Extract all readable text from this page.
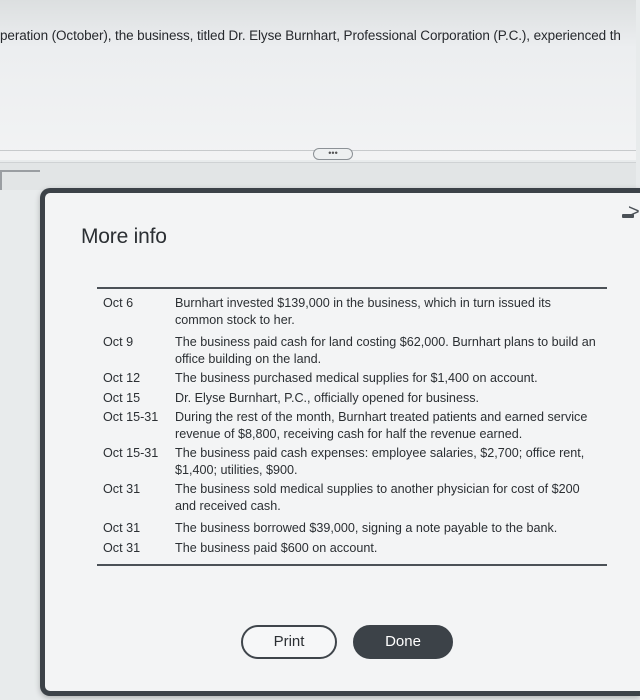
peration (October), the business, titled Dr. Elyse Burnhart, Professional Corporation (P.C.), experienced th
•••
More info
>
Oct 6	Burnhart invested $139,000 in the business, which in turn issued its common stock to her.
Oct 9	The business paid cash for land costing $62,000. Burnhart plans to build an office building on the land.
Oct 12	The business purchased medical supplies for $1,400 on account.
Oct 15	Dr. Elyse Burnhart, P.C., officially opened for business.
Oct 15-31	During the rest of the month, Burnhart treated patients and earned service revenue of $8,800, receiving cash for half the revenue earned.
Oct 15-31	The business paid cash expenses: employee salaries, $2,700; office rent, $1,400; utilities, $900.
Oct 31	The business sold medical supplies to another physician for cost of $200 and received cash.
Oct 31	The business borrowed $39,000, signing a note payable to the bank.
Oct 31	The business paid $600 on account.
Print	Done
